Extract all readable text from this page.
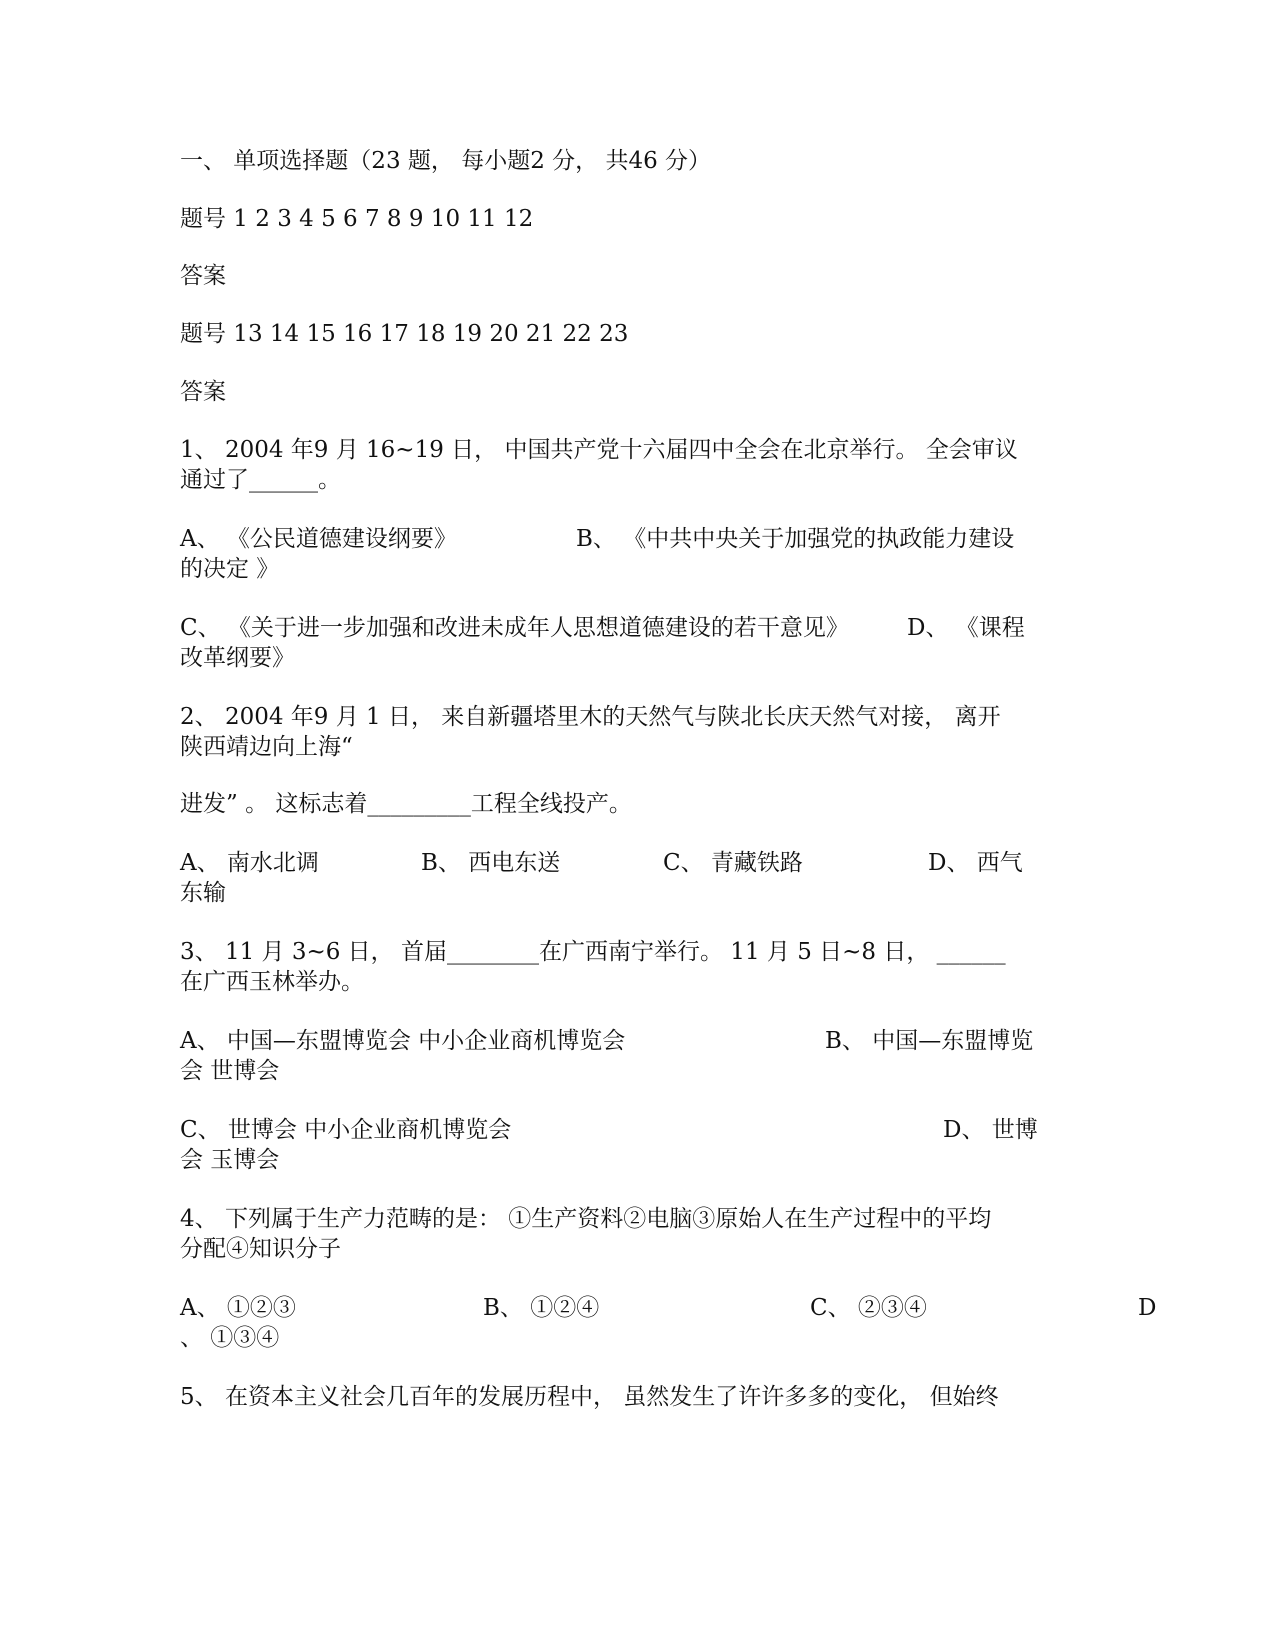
一、 单项选择题（23 题， 每小题2 分， 共46 分）

题号 1 2 3 4 5 6 7 8 9 10 11 12

答案

题号 13 14 15 16 17 18 19 20 21 22 23

答案

1、 2004 年9 月 16~19 日， 中国共产党十六届四中全会在北京举行。 全会审议

通过了______。

A、 《公民道德建设纲要》

	B、 《中共中央关于加强党的执政能力建设

的决定 》

C、 《关于进一步加强和改进未成年人思想道德建设的若干意见》

	D、 《课程

改革纲要》

2、 2004 年9 月 1 日， 来自新疆塔里木的天然气与陕北长庆天然气对接， 离开

陕西靖边向上海“

进发” 。 这标志着_________工程全线投产。

A、 南水北调

	B、 西电东送

	C、 青藏铁路

	D、 西气

东输

3、 11 月 3~6 日， 首届________在广西南宁举行。 11 月 5 日~8 日， ______

在广西玉林举办。

A、 中国—东盟博览会 中小企业商机博览会

	B、 中国—东盟博览

会 世博会

C、 世博会 中小企业商机博览会

	D、 世博

会 玉博会

4、 下列属于生产力范畴的是： ①生产资料②电脑③原始人在生产过程中的平均

分配④知识分子

A、 ①②③

	B、 ①②④

	C、 ②③④

	D

、 ①③④

5、 在资本主义社会几百年的发展历程中， 虽然发生了许许多多的变化， 但始终
